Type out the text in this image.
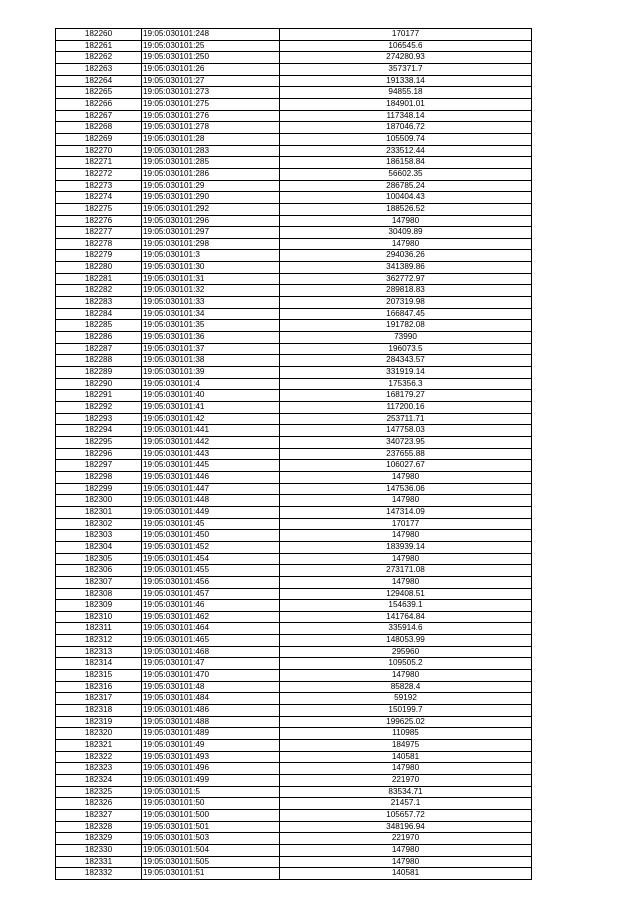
182260	19:05:030101:248	170177
182261	19:05:030101:25	106545.6
182262	19:05:030101:250	274280.93
182263	19:05:030101:26	357371.7
182264	19:05:030101:27	191338.14
182265	19:05:030101:273	94855.18
182266	19:05:030101:275	184901.01
182267	19:05:030101:276	117348.14
182268	19:05:030101:278	187046.72
182269	19:05:030101:28	105509.74
182270	19:05:030101:283	233512.44
182271	19:05:030101:285	186158.84
182272	19:05:030101:286	56602.35
182273	19:05:030101:29	286785.24
182274	19:05:030101:290	100404.43
182275	19:05:030101:292	188526.52
182276	19:05:030101:296	147980
182277	19:05:030101:297	30409.89
182278	19:05:030101:298	147980
182279	19:05:030101:3	294036.26
182280	19:05:030101:30	341389.86
182281	19:05:030101:31	362772.97
182282	19:05:030101:32	289818.83
182283	19:05:030101:33	207319.98
182284	19:05:030101:34	166847.45
182285	19:05:030101:35	191782.08
182286	19:05:030101:36	73990
182287	19:05:030101:37	196073.5
182288	19:05:030101:38	284343.57
182289	19:05:030101:39	331919.14
182290	19:05:030101:4	175356.3
182291	19:05:030101:40	168179.27
182292	19:05:030101:41	117200.16
182293	19:05:030101:42	253711.71
182294	19:05:030101:441	147758.03
182295	19:05:030101:442	340723.95
182296	19:05:030101:443	237655.88
182297	19:05:030101:445	106027.67
182298	19:05:030101:446	147980
182299	19:05:030101:447	147536.06
182300	19:05:030101:448	147980
182301	19:05:030101:449	147314.09
182302	19:05:030101:45	170177
182303	19:05:030101:450	147980
182304	19:05:030101:452	183939.14
182305	19:05:030101:454	147980
182306	19:05:030101:455	273171.08
182307	19:05:030101:456	147980
182308	19:05:030101:457	129408.51
182309	19:05:030101:46	154639.1
182310	19:05:030101:462	141764.84
182311	19:05:030101:464	335914.6
182312	19:05:030101:465	148053.99
182313	19:05:030101:468	295960
182314	19:05:030101:47	109505.2
182315	19:05:030101:470	147980
182316	19:05:030101:48	85828.4
182317	19:05:030101:484	59192
182318	19:05:030101:486	150199.7
182319	19:05:030101:488	199625.02
182320	19:05:030101:489	110985
182321	19:05:030101:49	184975
182322	19:05:030101:493	140581
182323	19:05:030101:496	147980
182324	19:05:030101:499	221970
182325	19:05:030101:5	83534.71
182326	19:05:030101:50	21457.1
182327	19:05:030101:500	105657.72
182328	19:05:030101:501	348196.94
182329	19:05:030101:503	221970
182330	19:05:030101:504	147980
182331	19:05:030101:505	147980
182332	19:05:030101:51	140581
